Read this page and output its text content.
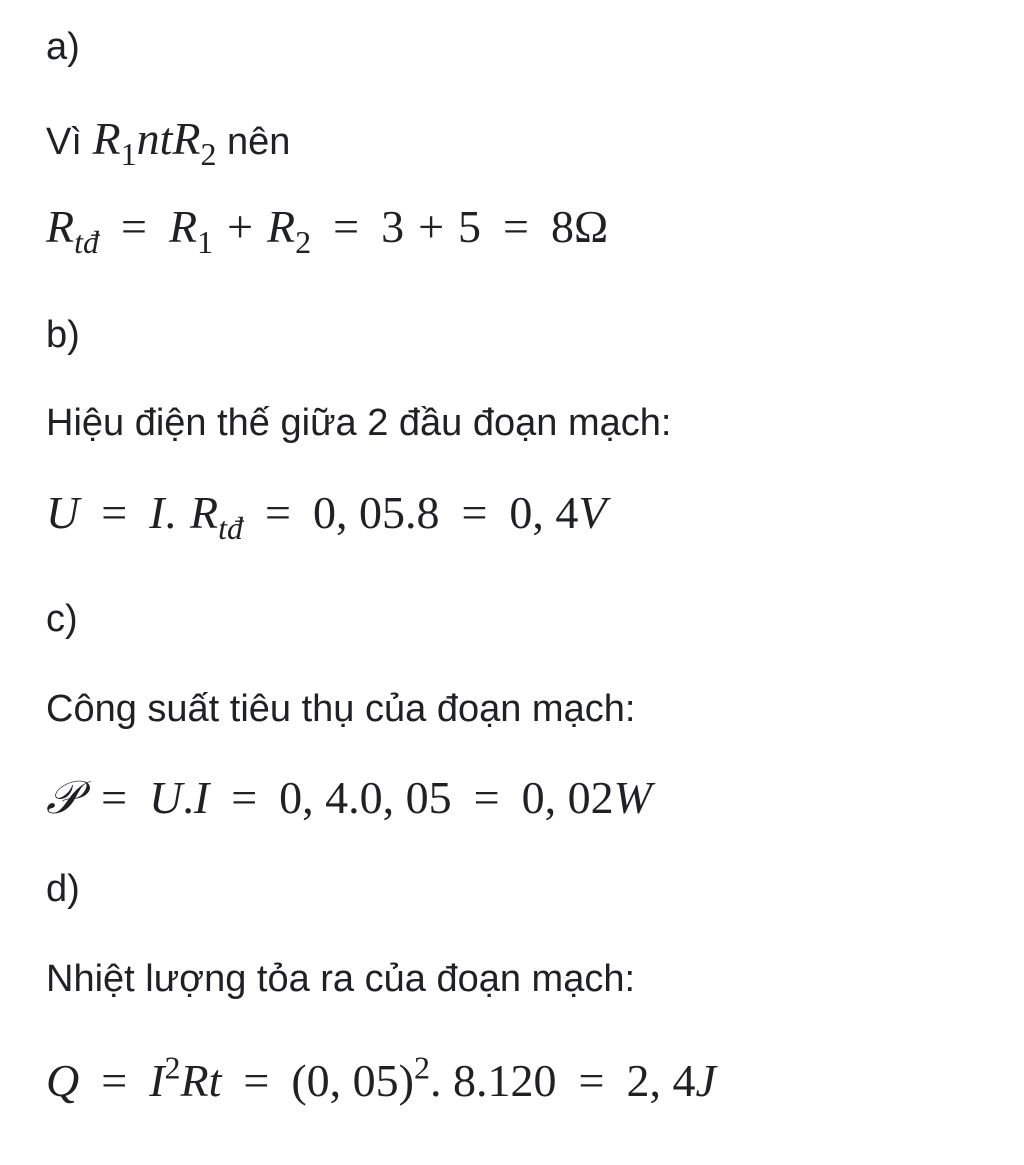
a)
Vì $R_1ntR_2$ nên
$R_{tđ} = R_1 + R_2 = 3 + 5 = 8\Omega$
b)
Hiệu điện thế giữa 2 đầu đoạn mạch:
U = I. $R_{tđ} = 0$, 05.8 = 0, 4V
c)
Công suất tiêu thụ của đoạn mạch:
𝒫 = U.I = 0, 4.0, 05 = 0, 02W
d)
Nhiệt lượng tỏa ra của đoạn mạch:
$Q = I^2Rt = (0$, 05)$^2$. 8.120 = 2, 4J
